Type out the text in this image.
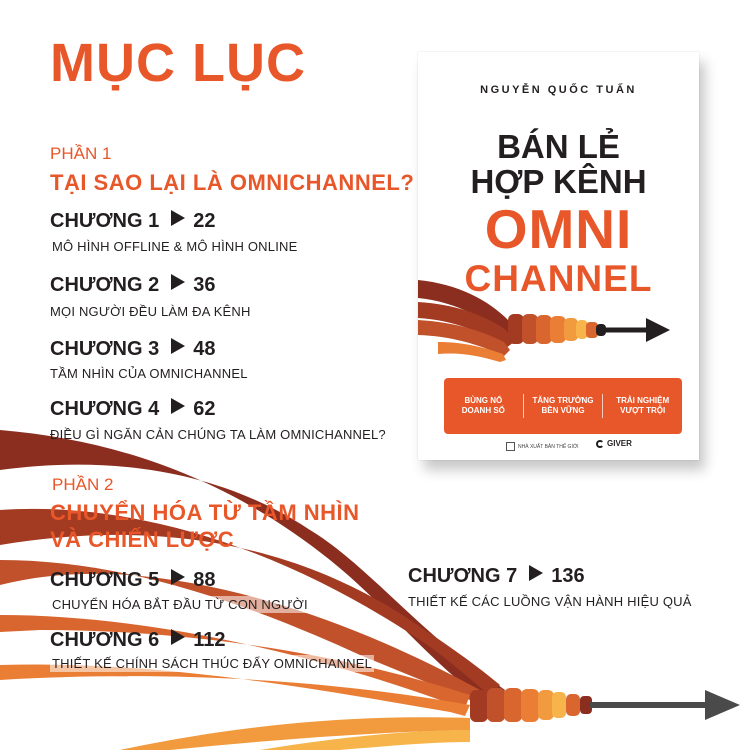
MỤC LỤC
PHẦN 1
TẠI SAO LẠI LÀ OMNICHANNEL?
CHƯƠNG 1 22
MÔ HÌNH OFFLINE & MÔ HÌNH ONLINE
CHƯƠNG 2 36
MỌI NGƯỜI ĐỀU LÀM ĐA KÊNH
CHƯƠNG 3 48
TẦM NHÌN CỦA OMNICHANNEL
CHƯƠNG 4 62
ĐIỀU GÌ NGĂN CẢN CHÚNG TA LÀM OMNICHANNEL?
PHẦN 2
CHUYỂN HÓA TỪ TẦM NHÌN
VÀ CHIẾN LƯỢC
CHƯƠNG 5 88
CHUYỂN HÓA BẮT ĐẦU TỪ CON NGƯỜI
CHƯƠNG 6 112
THIẾT KẾ CHÍNH SÁCH THÚC ĐẨY OMNICHANNEL
CHƯƠNG 7 136
THIẾT KẾ CÁC LUỒNG VẬN HÀNH HIỆU QUẢ
NGUYỄN QUỐC TUẤN
BÁN LẺ
HỢP KÊNH
OMNI
CHANNEL
BÙNG NỔ
DOANH SỐ
TĂNG TRƯỞNG
BỀN VỮNG
TRẢI NGHIỆM
VƯỢT TRỘI
NHÀ XUẤT BẢN THẾ GIỚI	GIVER
